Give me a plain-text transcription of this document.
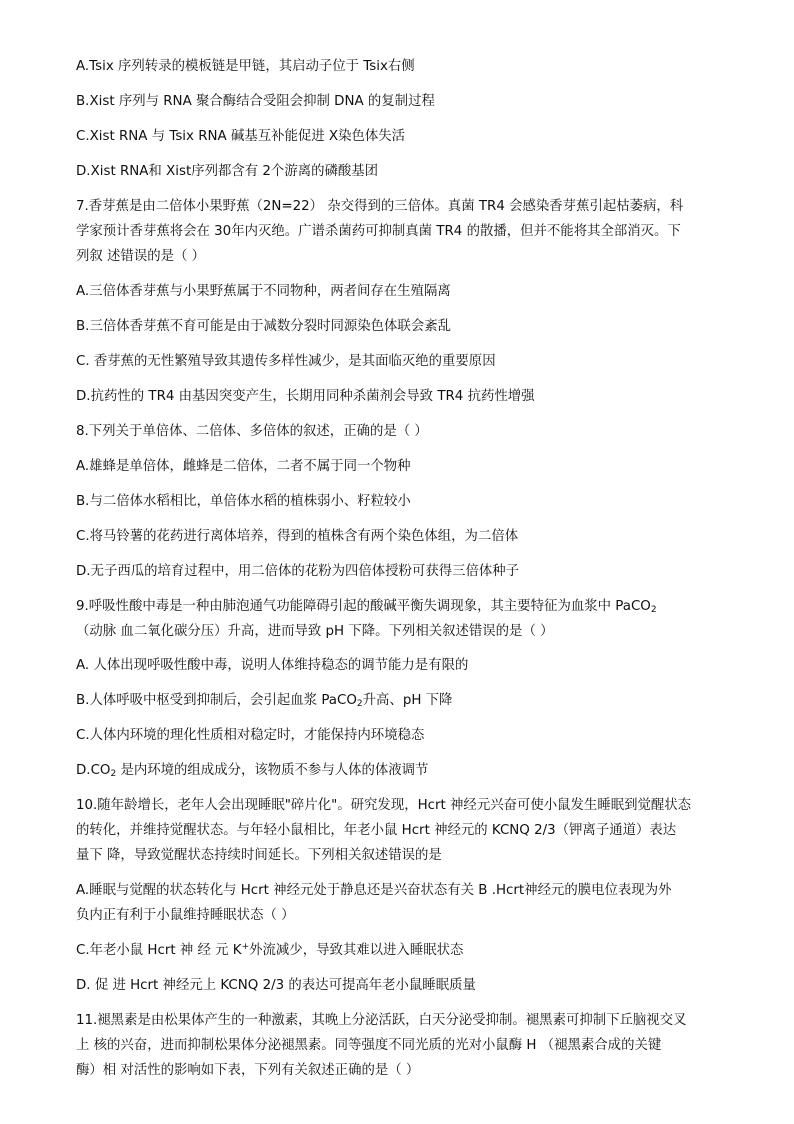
A.Tsix 序列转录的模板链是甲链，其启动子位于 Tsix右侧

B.Xist 序列与 RNA 聚合酶结合受阻会抑制 DNA 的复制过程

C.Xist RNA 与 Tsix RNA 碱基互补能促进 X染色体失活

D.Xist RNA和 Xist序列都含有 2个游离的磷酸基团

7.香芽蕉是由二倍体小果野蕉（2N=22） 杂交得到的三倍体。真菌 TR4 会感染香芽蕉引起枯萎病，科

学家预计香芽蕉将会在 30年内灭绝。广谱杀菌药可抑制真菌 TR4 的散播，但并不能将其全部消灭。下

列叙 述错误的是（ ）

A.三倍体香芽蕉与小果野蕉属于不同物种，两者间存在生殖隔离

B.三倍体香芽蕉不育可能是由于减数分裂时同源染色体联会紊乱

C. 香芽蕉的无性繁殖导致其遗传多样性减少，是其面临灭绝的重要原因

D.抗药性的 TR4 由基因突变产生，长期用同种杀菌剂会导致 TR4 抗药性增强

8.下列关于单倍体、二倍体、多倍体的叙述，正确的是（ ）

A.雄蜂是单倍体，雌蜂是二倍体，二者不属于同一个物种

B.与二倍体水稻相比，单倍体水稻的植株弱小、籽粒较小

C.将马铃薯的花药进行离体培养，得到的植株含有两个染色体组，为二倍体

D.无子西瓜的培育过程中，用二倍体的花粉为四倍体授粉可获得三倍体种子

9.呼吸性酸中毒是一种由肺泡通气功能障碍引起的酸碱平衡失调现象，其主要特征为血浆中 PaCO$_2$

（动脉 血二氧化碳分压）升高，进而导致 pH 下降。下列相关叙述错误的是（ ）

A. 人体出现呼吸性酸中毒，说明人体维持稳态的调节能力是有限的

B.人体呼吸中枢受到抑制后，会引起血浆 PaCO$_2$升高、pH 下降

C.人体内环境的理化性质相对稳定时，才能保持内环境稳态

$D.CO_2$ 是内环境的组成成分，该物质不参与人体的体液调节

10.随年龄增长，老年人会出现睡眠"碎片化"。研究发现，Hcrt 神经元兴奋可使小鼠发生睡眠到觉醒状态

的转化，并维持觉醒状态。与年轻小鼠相比，年老小鼠 Hcrt 神经元的 KCNQ 2/3（钾离子通道）表达

量下 降，导致觉醒状态持续时间延长。下列相关叙述错误的是

A.睡眠与觉醒的状态转化与 Hcrt 神经元处于静息还是兴奋状态有关 B .Hcrt神经元的膜电位表现为外

负内正有利于小鼠维持睡眠状态（ ）

C.年老小鼠 Hcrt 神 经 元 K+外流减少，导致其难以进入睡眠状态

D. 促 进 Hcrt 神经元上 KCNQ 2/3 的表达可提高年老小鼠睡眠质量

11.褪黑素是由松果体产生的一种激素，其晚上分泌活跃，白天分泌受抑制。褪黑素可抑制下丘脑视交叉

上 核的兴奋，进而抑制松果体分泌褪黑素。同等强度不同光质的光对小鼠酶 H （褪黑素合成的关键

酶）相 对活性的影响如下表，下列有关叙述正确的是（ ）
